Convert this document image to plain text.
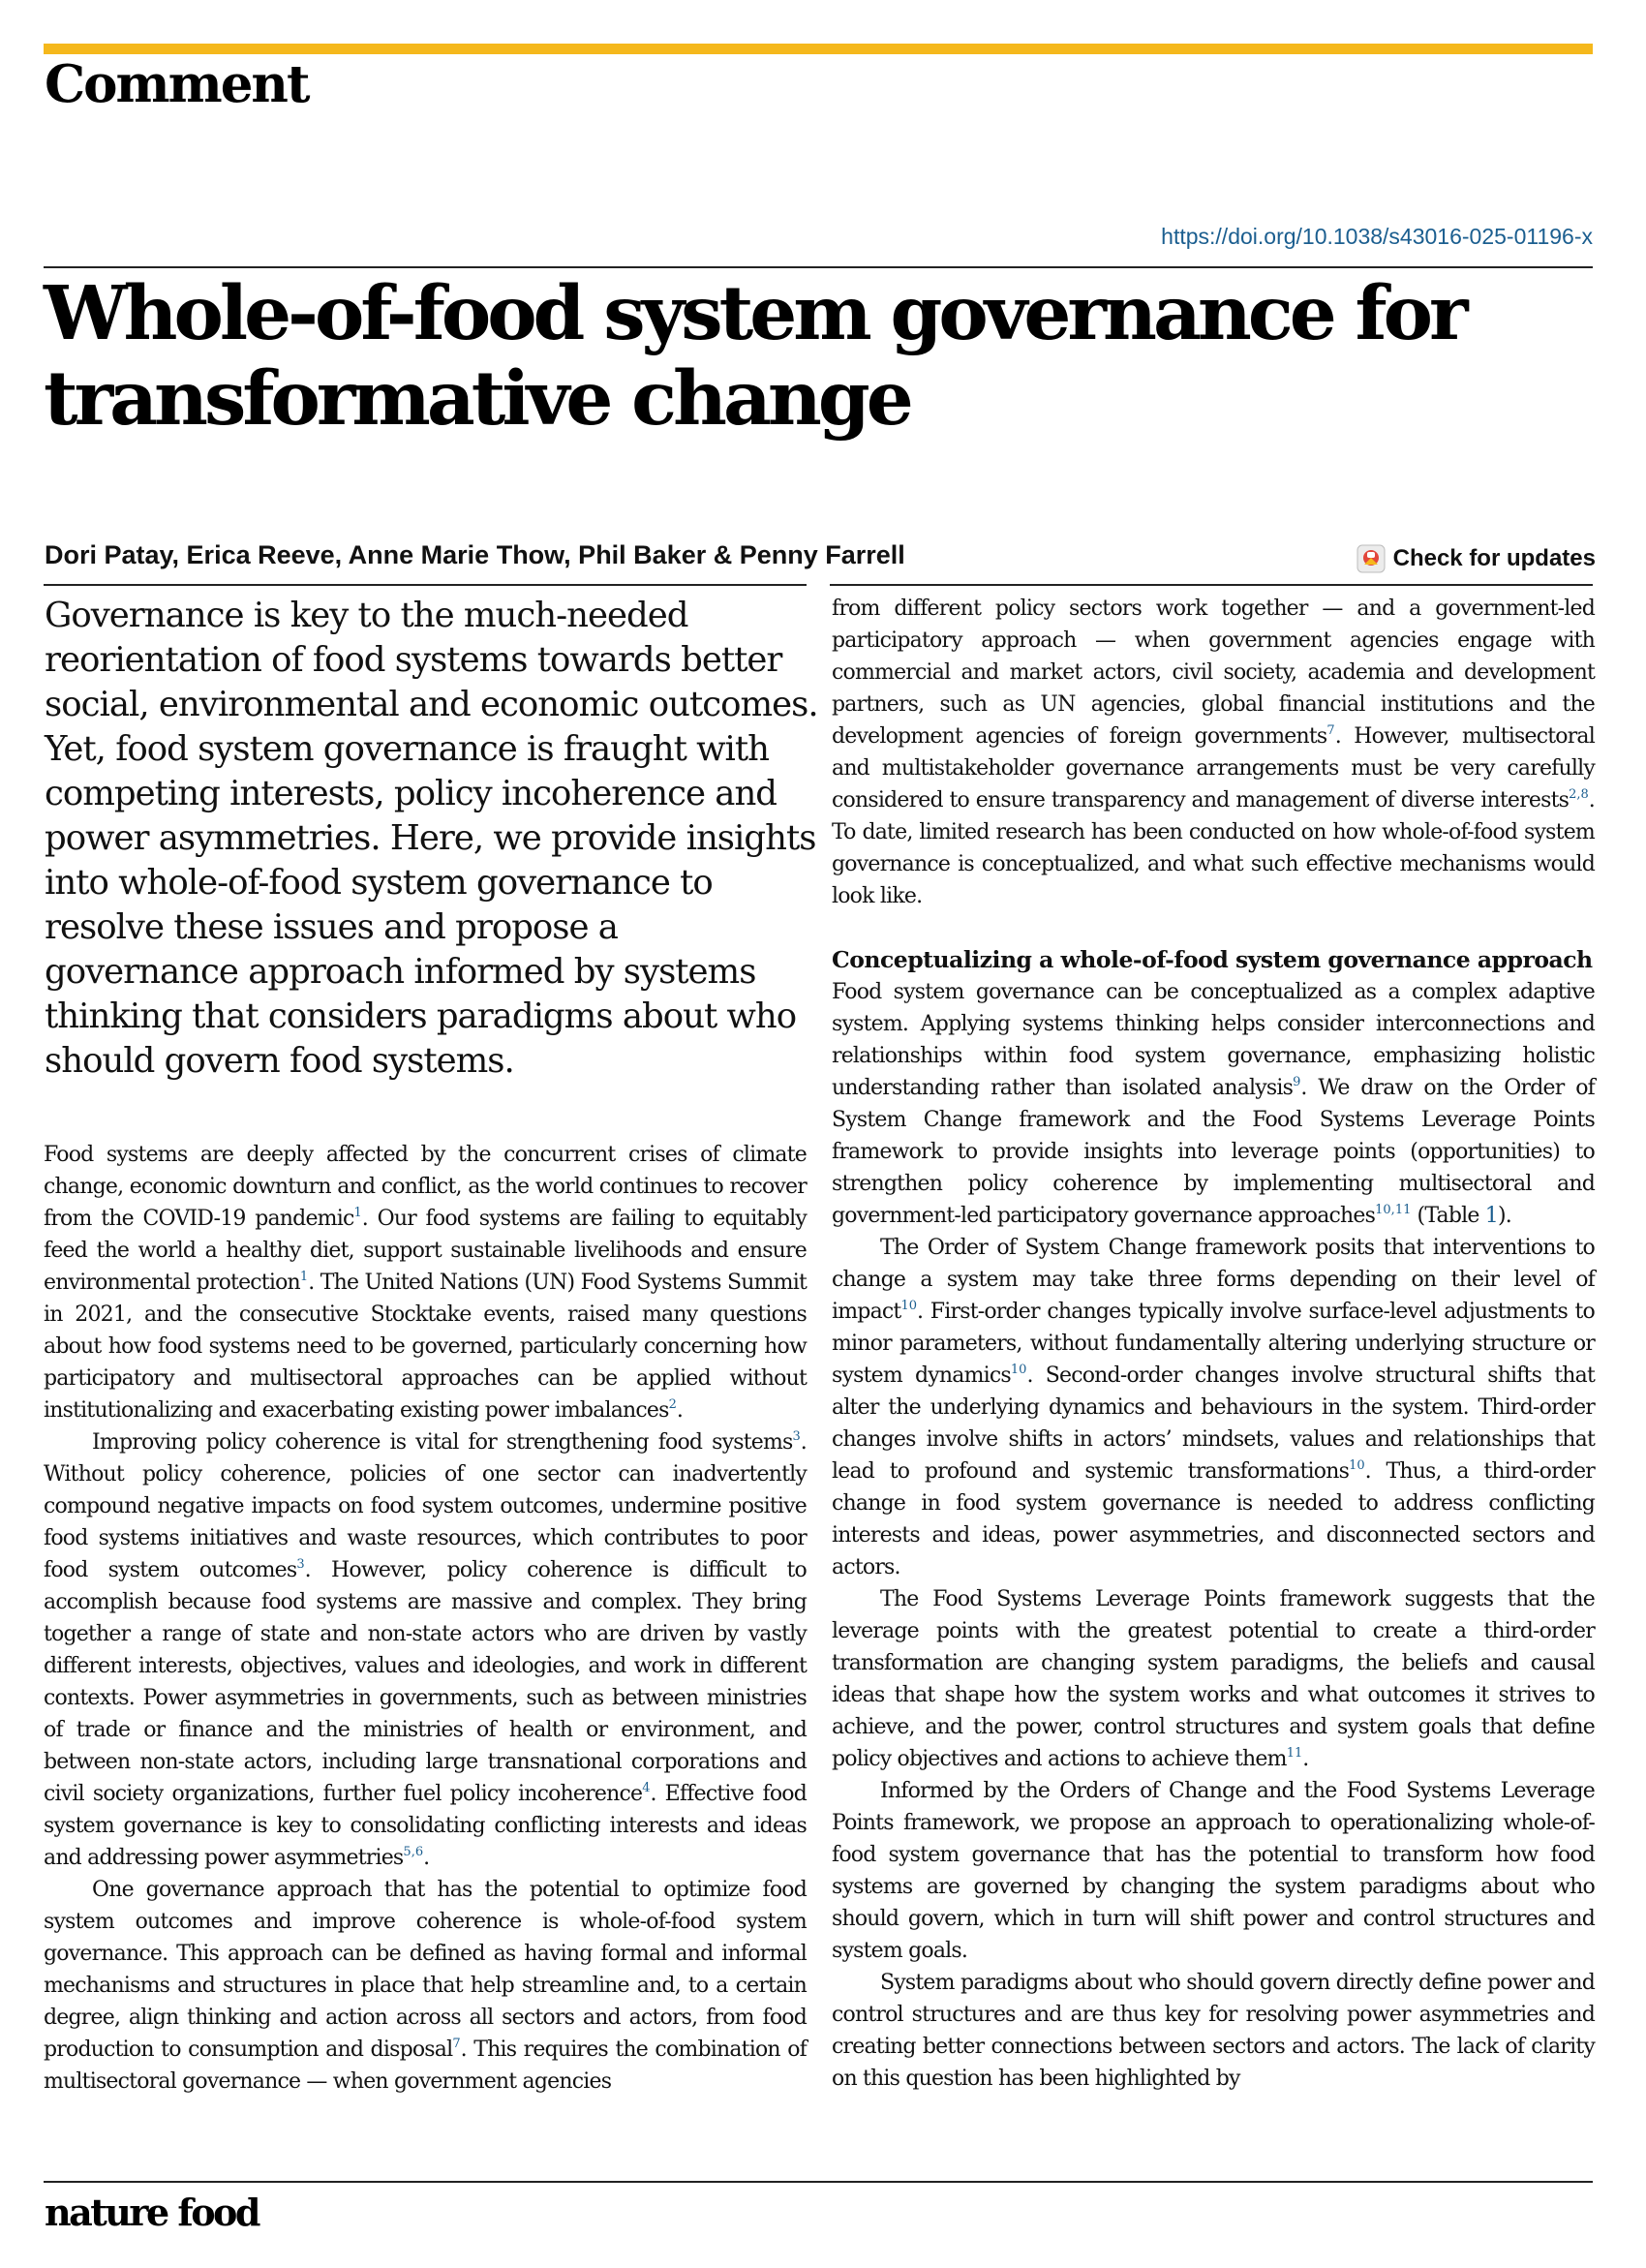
Comment
https://doi.org/10.1038/s43016-025-01196-x
Whole-of-food system governance for transformative change

Dori Patay, Erica Reeve, Anne Marie Thow, Phil Baker & Penny Farrell	Check for updates

Governance is key to the much-needed reorientation of food systems towards better social, environmental and economic outcomes. Yet, food system governance is fraught with competing interests, policy incoherence and power asymmetries. Here, we provide insights into whole-of-food system governance to resolve these issues and propose a governance approach informed by systems thinking that considers paradigms about who should govern food systems.

Food systems are deeply affected by the concurrent crises of climate change, economic downturn and conflict, as the world continues to recover from the COVID-19 pandemic$^1$. Our food systems are failing to equitably feed the world a healthy diet, support sustainable livelihoods and ensure environmental protection$^1$. The United Nations (UN) Food Systems Summit in 2021, and the consecutive Stocktake events, raised many questions about how food systems need to be governed, particularly concerning how participatory and multisectoral approaches can be applied without institutionalizing and exacerbating existing power imbalances$^2$.

Improving policy coherence is vital for strengthening food systems$^3$. Without policy coherence, policies of one sector can inadvertently compound negative impacts on food system outcomes, undermine positive food systems initiatives and waste resources, which contributes to poor food system outcomes$^3$. However, policy coherence is difficult to accomplish because food systems are massive and complex. They bring together a range of state and non-state actors who are driven by vastly different interests, objectives, values and ideologies, and work in different contexts. Power asymmetries in governments, such as between ministries of trade or finance and the ministries of health or environment, and between non-state actors, including large transnational corporations and civil society organizations, further fuel policy incoherence$^4$. Effective food system governance is key to consolidating conflicting interests and ideas and addressing power asymmetries$^{5,6}$.

One governance approach that has the potential to optimize food system outcomes and improve coherence is whole-of-food system governance. This approach can be defined as having formal and informal mechanisms and structures in place that help streamline and, to a certain degree, align thinking and action across all sectors and actors, from food production to consumption and disposal$^7$. This requires the combination of multisectoral governance — when government agencies

from different policy sectors work together — and a government-led participatory approach — when government agencies engage with commercial and market actors, civil society, academia and development partners, such as UN agencies, global financial institutions and the development agencies of foreign governments$^7$. However, multisectoral and multistakeholder governance arrangements must be very carefully considered to ensure transparency and management of diverse interests$^{2,8}$. To date, limited research has been conducted on how whole-of-food system governance is conceptualized, and what such effective mechanisms would look like.

Conceptualizing a whole-of-food system governance approach

Food system governance can be conceptualized as a complex adaptive system. Applying systems thinking helps consider interconnections and relationships within food system governance, emphasizing holistic understanding rather than isolated analysis$^9$. We draw on the Order of System Change framework and the Food Systems Leverage Points framework to provide insights into leverage points (opportunities) to strengthen policy coherence by implementing multisectoral and government-led participatory governance approaches$^{10,11}$ (Table 1).

The Order of System Change framework posits that interventions to change a system may take three forms depending on their level of impact$^{10}$. First-order changes typically involve surface-level adjustments to minor parameters, without fundamentally altering underlying structure or system dynamics$^{10}$. Second-order changes involve structural shifts that alter the underlying dynamics and behaviours in the system. Third-order changes involve shifts in actors’ mindsets, values and relationships that lead to profound and systemic transformations$^{10}$. Thus, a third-order change in food system governance is needed to address conflicting interests and ideas, power asymmetries, and disconnected sectors and actors.

The Food Systems Leverage Points framework suggests that the leverage points with the greatest potential to create a third-order transformation are changing system paradigms, the beliefs and causal ideas that shape how the system works and what outcomes it strives to achieve, and the power, control structures and system goals that define policy objectives and actions to achieve them$^{11}$.

Informed by the Orders of Change and the Food Systems Leverage Points framework, we propose an approach to operationalizing whole-of-food system governance that has the potential to transform how food systems are governed by changing the system paradigms about who should govern, which in turn will shift power and control structures and system goals.

System paradigms about who should govern directly define power and control structures and are thus key for resolving power asymmetries and creating better connections between sectors and actors. The lack of clarity on this question has been highlighted by

nature food
